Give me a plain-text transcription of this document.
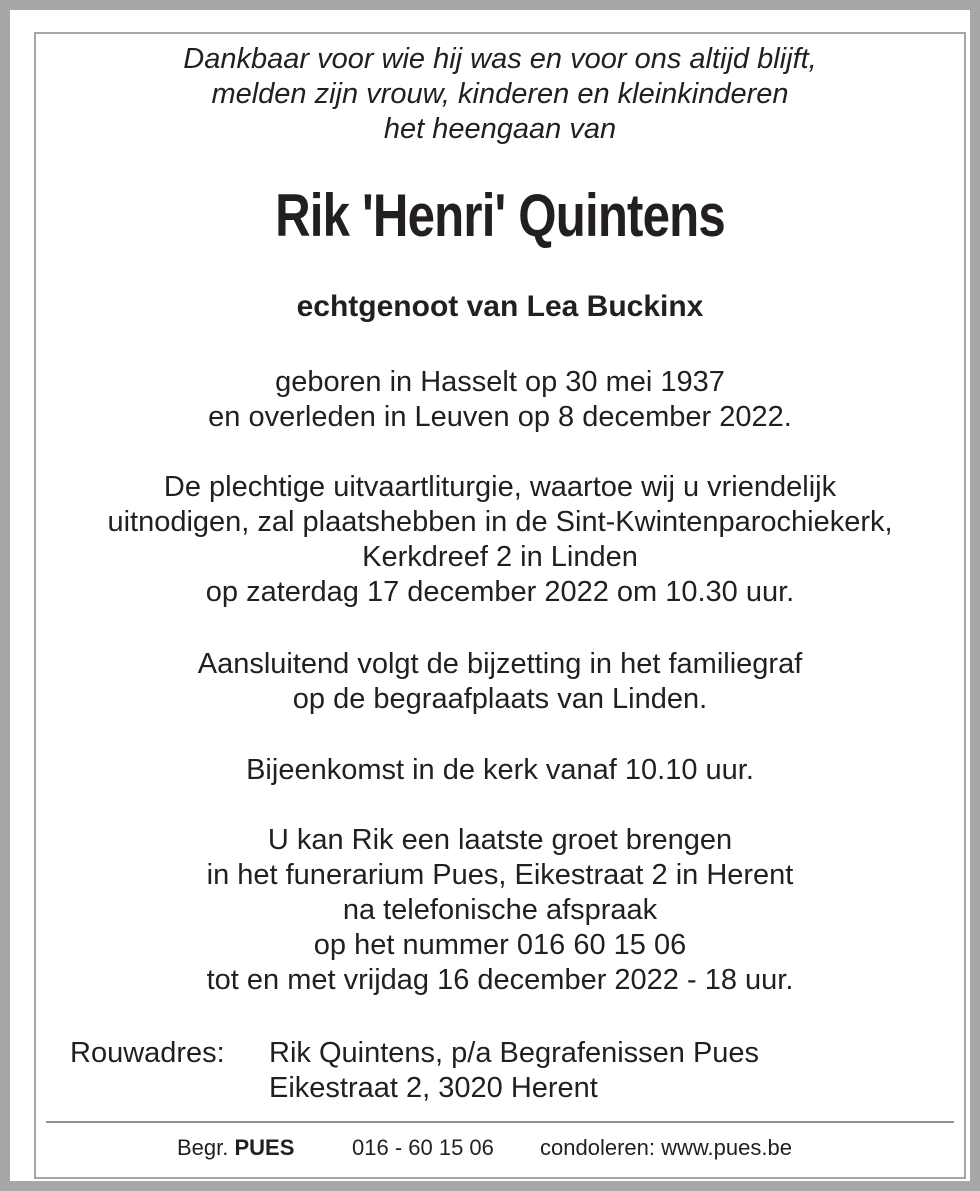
Dankbaar voor wie hij was en voor ons altijd blijft,
melden zijn vrouw, kinderen en kleinkinderen
het heengaan van
Rik 'Henri' Quintens
echtgenoot van Lea Buckinx
geboren in Hasselt op 30 mei 1937
en overleden in Leuven op 8 december 2022.
De plechtige uitvaartliturgie, waartoe wij u vriendelijk
uitnodigen, zal plaatshebben in de Sint-Kwintenparochiekerk,
Kerkdreef 2 in Linden
op zaterdag 17 december 2022 om 10.30 uur.
Aansluitend volgt de bijzetting in het familiegraf
op de begraafplaats van Linden.
Bijeenkomst in de kerk vanaf 10.10 uur.
U kan Rik een laatste groet brengen
in het funerarium Pues, Eikestraat 2 in Herent
na telefonische afspraak
op het nummer 016 60 15 06
tot en met vrijdag 16 december 2022 - 18 uur.
Rouwadres: Rik Quintens, p/a Begrafenissen Pues
Eikestraat 2, 3020 Herent
Begr. PUES	016 - 60 15 06 condoleren: www.pues.be
